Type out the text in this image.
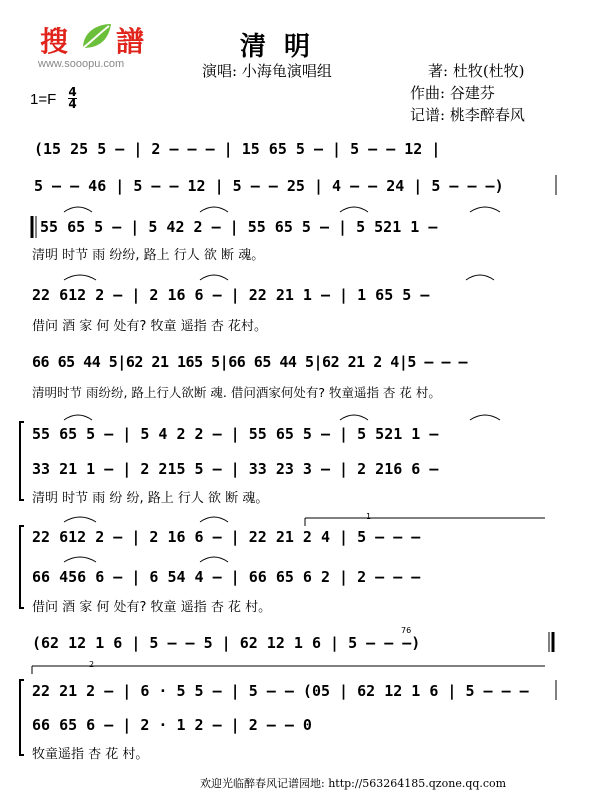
搜 譜
www.sooopu.com
清明
演唱: 小海龟演唱组	著: 杜牧(杜牧)
作曲: 谷建芬
记谱: 桃李醉春风
1=F 4
4
(15 25 5 – | 2 – – – | 15 65 5 – | 5 – – 12 |
5 – – 46 | 5 – – 12 | 5 – – 25 | 4 – – 24 | 5 – – –)
55 65 5 – | 5 42 2 – | 55 65 5 – | 5 521 1 –
清明 时节 雨 纷纷, 路上 行人 欲 断 魂。
22 612 2 – | 2 16 6 – | 22 21 1 – | 1 65 5 –
借问 酒 家 何 处有? 牧童 遥指 杏 花村。
66 65 44 5|62 21 165 5|66 65 44 5|62 21 2 4|5 – – –
清明时节 雨纷纷, 路上行人欲断 魂. 借问酒家何处有? 牧童遥指 杏 花 村。
55 65 5 – | 5 4 2 2 – | 55 65 5 – | 5 521 1 –
33 21 1 – | 2 215 5 – | 33 23 3 – | 2 216 6 –
清明 时节 雨 纷 纷, 路上 行人 欲 断 魂。
1
22 612 2 – | 2 16 6 – | 22 21 2 4 | 5 – – –
66 456 6 – | 6 54 4 – | 66 65 6 2 | 2 – – –
借问 酒 家 何 处有? 牧童 遥指 杏 花 村。
76
(62 12 1 6 | 5 – – 5 | 62 12 1 6 | 5 – – –)
2
22 21 2 – | 6 · 5 5 – | 5 – – (05 | 62 12 1 6 | 5 – – –
66 65 6 – | 2 · 1 2 – | 2 – – 0
牧童遥指 杏 花 村。
欢迎光临醉春风记谱园地: http://563264185.qzone.qq.com
